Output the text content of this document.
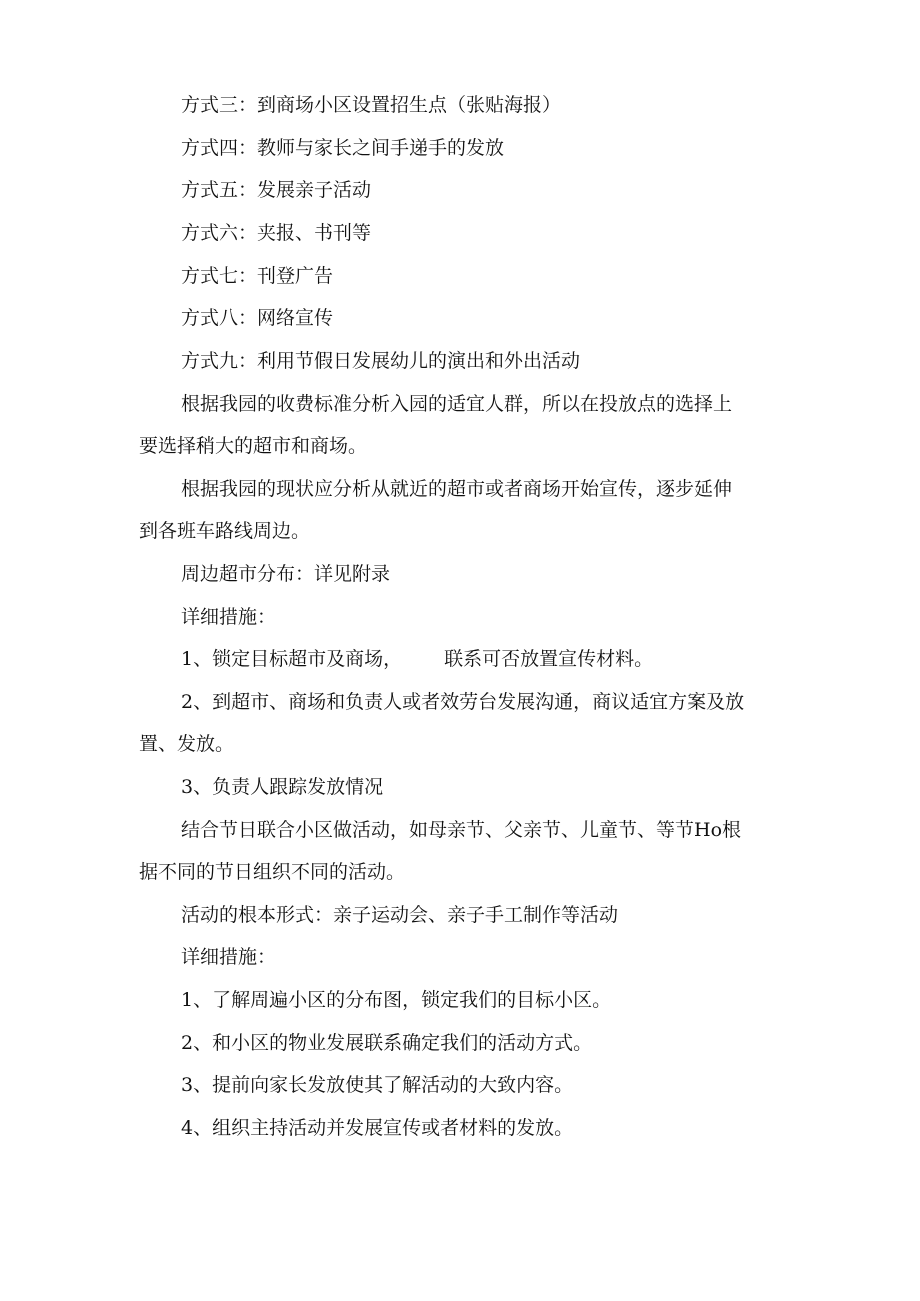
方式三：到商场小区设置招生点（张贴海报）
方式四：教师与家长之间手递手的发放
方式五：发展亲子活动
方式六：夹报、书刊等
方式七：刊登广告
方式八：网络宣传
方式九：利用节假日发展幼儿的演出和外出活动
根据我园的收费标准分析入园的适宜人群，所以在投放点的选择上
要选择稍大的超市和商场。
根据我园的现状应分析从就近的超市或者商场开始宣传，逐步延伸
到各班车路线周边。
周边超市分布：详见附录
详细措施：
1、锁定目标超市及商场， 联系可否放置宣传材料。
2、到超市、商场和负责人或者效劳台发展沟通，商议适宜方案及放
置、发放。
3、负责人跟踪发放情况
结合节日联合小区做活动，如母亲节、父亲节、儿童节、等节Ho根
据不同的节日组织不同的活动。
活动的根本形式：亲子运动会、亲子手工制作等活动
详细措施：
1、了解周遍小区的分布图，锁定我们的目标小区。
2、和小区的物业发展联系确定我们的活动方式。
3、提前向家长发放使其了解活动的大致内容。
4、组织主持活动并发展宣传或者材料的发放。
